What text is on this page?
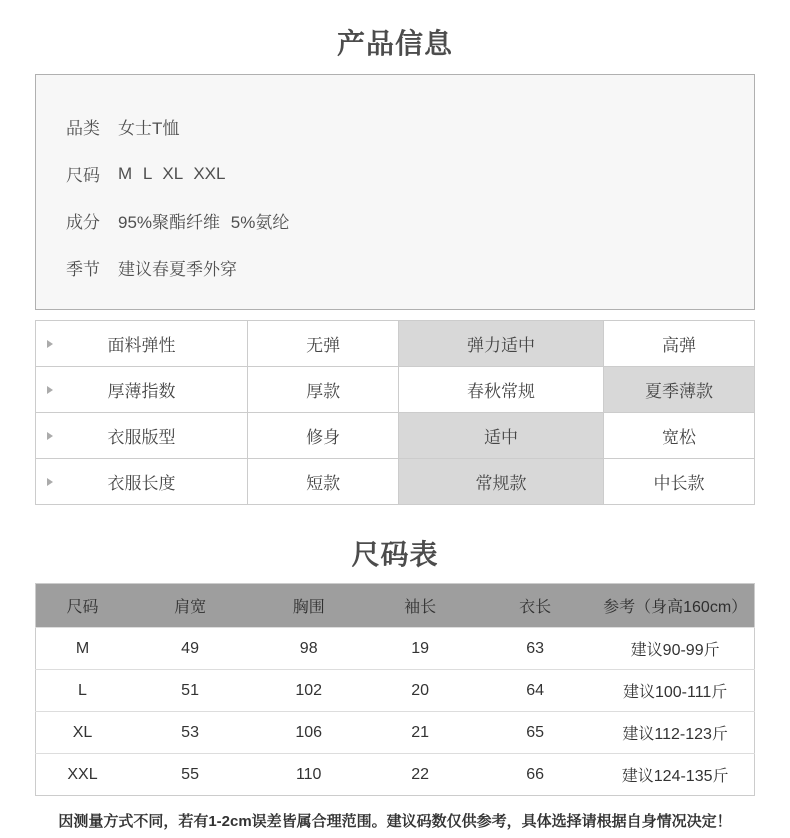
产品信息
品类	女士T恤
尺码	M L XL XXL
成分	95%聚酯纤维 5%氨纶
季节	建议春夏季外穿
面料弹性	无弹	弹力适中	高弹

厚薄指数	厚款	春秋常规	夏季薄款

衣服版型	修身	适中	宽松

衣服长度	短款	常规款	中长款
尺码表
尺码	肩宽	胸围	袖长	衣长	参考（身高160cm）
M	49	98	19	63	建议90-99斤
L	51	102	20	64	建议100-111斤
XL	53	106	21	65	建议112-123斤
XXL	55	110	22	66	建议124-135斤
因测量方式不同，若有1-2cm误差皆属合理范围。建议码数仅供参考，具体选择请根据自身情况决定！
